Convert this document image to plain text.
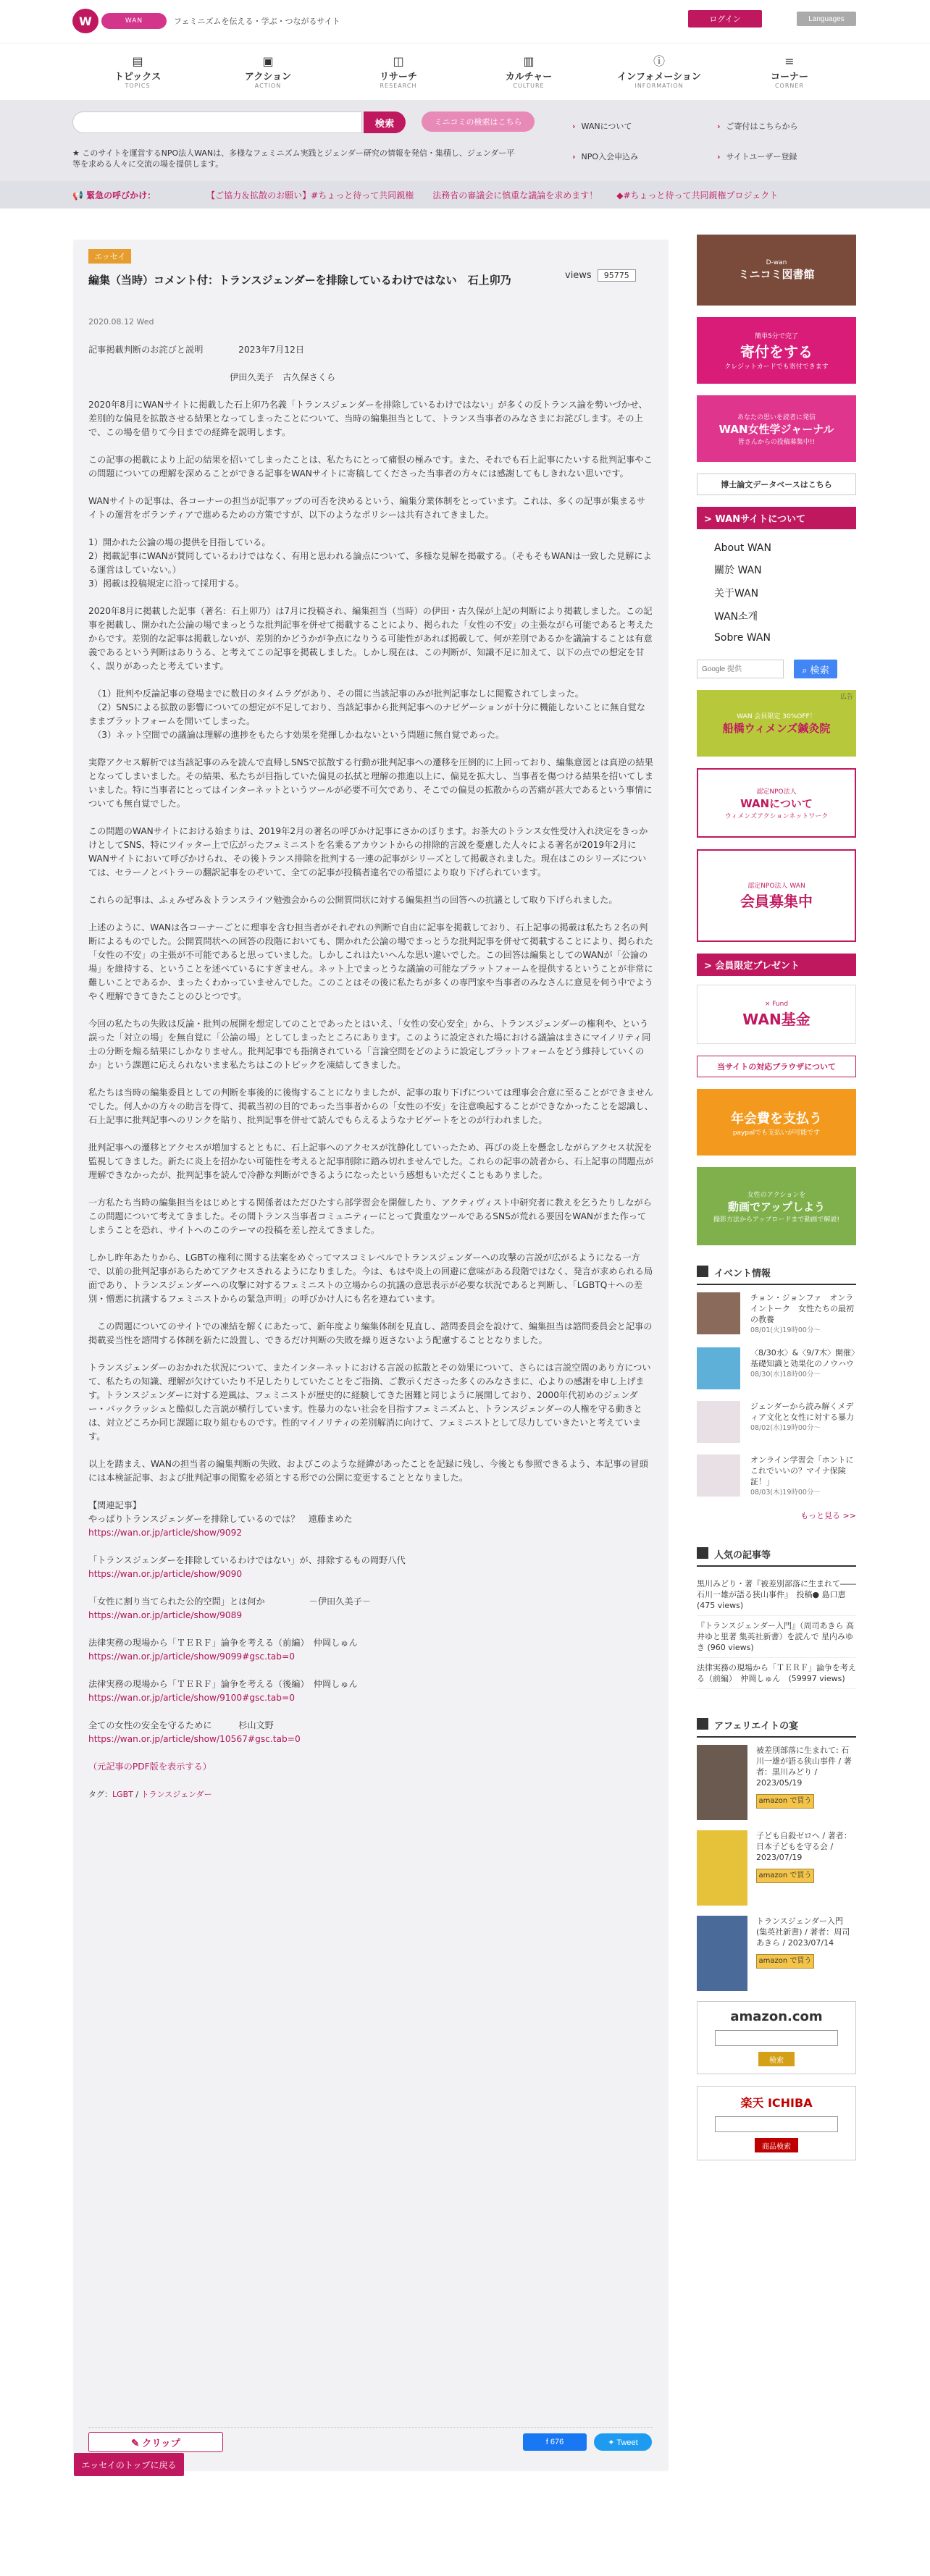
W	WAN	フェミニズムを伝える・学ぶ・つながるサイト	ログイン	Languages
▤
トピックス
TOPICS
▣
アクション
ACTION
◫
リサーチ
RESEARCH
▥
カルチャー
CULTURE
ⓘ
インフォメーション
INFORMATION
≡
コーナー
CORNER
検索	ミニコミの検索はこちら
★ このサイトを運営するNPO法人WANは、多様なフェミニズム実践とジェンダー研究の情報を発信・集積し、ジェンダー平等を求める人々に交流の場を提供します。
› WANについて	› ご寄付はこちらから
› NPO入会申込み	› サイトユーザー登録
📢 緊急の呼びかけ：	【ご協力＆拡散のお願い】#ちょっと待って共同親権 法務省の審議会に慎重な議論を求めます！ ◆#ちょっと待って共同親権プロジェクト
エッセイ
編集（当時）コメント付：トランスジェンダーを排除しているわけではない　石上卯乃	views 95775
2020.08.12 Wed

記事掲載判断のお詫びと説明　　　　2023年7月12日

　　　　　　　　　　　　　　　　伊田久美子　古久保さくら

2020年8月にWANサイトに掲載した石上卯乃名義「トランスジェンダーを排除しているわけではない」が多くの反トランス論を勢いづかせ、差別的な偏見を拡散させる結果となってしまったことについて、当時の編集担当として、トランス当事者のみなさまにお詫びします。その上で、この場を借りて今日までの経緯を説明します。

この記事の掲載により上記の結果を招いてしまったことは、私たちにとって痛恨の極みです。また、それでも石上記事にたいする批判記事やこの問題についての理解を深めることができる記事をWANサイトに寄稿してくださった当事者の方々には感謝してもしきれない思いです。

WANサイトの記事は、各コーナーの担当が記事アップの可否を決めるという、編集分業体制をとっています。これは、多くの記事が集まるサイトの運営をボランティアで進めるための方策ですが、以下のようなポリシーは共有されてきました。

1）開かれた公論の場の提供を目指している。
2）掲載記事にWANが賛同しているわけではなく、有用と思われる論点について、多様な見解を掲載する。（そもそもWANは一致した見解による運営はしていない。）
3）掲載は投稿規定に沿って採用する。

2020年8月に掲載した記事（著名：石上卯乃）は7月に投稿され、編集担当（当時）の伊田・古久保が上記の判断により掲載しました。この記事を掲載し、開かれた公論の場でまっとうな批判記事を併せて掲載することにより、掲られた「女性の不安」の主張ながら可能であると考えたからです。差別的な記事は掲載しないが、差別的かどうかが争点になりうる可能性があれば掲載して、何が差別であるかを議論することは有意義であるという判断はありうる、と考えてこの記事を掲載しました。しかし現在は、この判断が、知識不足に加えて、以下の点での想定を甘く、誤りがあったと考えています。

　（1）批判や反論記事の登場までに数日のタイムラグがあり、その間に当該記事のみが批判記事なしに閲覧されてしまった。
　（2）SNSによる拡散の影響についての想定が不足しており、当該記事から批判記事へのナビゲーションが十分に機能しないことに無自覚なままプラットフォームを開いてしまった。
　（3）ネット空間での議論は理解の進捗をもたらす効果を発揮しかねないという問題に無自覚であった。

実際アクセス解析では当該記事のみを読んで直帰しSNSで拡散する行動が批判記事への遷移を圧倒的に上回っており、編集意図とは真逆の結果となってしまいました。その結果、私たちが目指していた偏見の払拭と理解の推進以上に、偏見を拡大し、当事者を傷つける結果を招いてしまいました。特に当事者にとってはインターネットというツールが必要不可欠であり、そこでの偏見の拡散からの苦痛が甚大であるという事情についても無自覚でした。

この問題のWANサイトにおける始まりは、2019年2月の著名の呼びかけ記事にさかのぼります。お茶大のトランス女性受け入れ決定をきっかけとしてSNS、特にツイッター上で広がったフェミニストを名乗るアカウントからの排除的言説を憂慮した人々による著名が2019年2月にWANサイトにおいて呼びかけられ、その後トランス排除を批判する一連の記事がシリーズとして掲載されました。現在はこのシリーズについては、セラーノとバトラーの翻訳記事をのぞいて、全ての記事が投稿者違名での希望により取り下げられています。

これらの記事は、ふぇみぜみ＆トランスライツ勉強会からの公開質問状に対する編集担当の回答への抗議として取り下げられました。

上述のように、WANは各コーナーごとに理事を含む担当者がそれぞれの判断で自由に記事を掲載しており、石上記事の掲載は私たち２名の判断によるものでした。公開質問状への回答の段階においても、開かれた公論の場でまっとうな批判記事を併せて掲載することにより、掲られた「女性の不安」の主張が不可能であると思っていました。しかしこれはたいへんな思い違いでした。この回答は編集としてのWANが「公論の場」を維持する、ということを述べているにすぎません。ネット上でまっとうな議論の可能なプラットフォームを提供するということが非常に難しいことであるか、まったくわかっていませんでした。このことはその後に私たちが多くの専門家や当事者のみなさんに意見を伺う中でようやく理解できてきたことのひとつです。

今回の私たちの失敗は反論・批判の展開を想定してのことであったとはいえ、「女性の安心安全」から、トランスジェンダーの権利や、という誤った「対立の場」を無自覚に「公論の場」としてしまったところにあります。このように設定された場における議論はまさにマイノリティ同士の分断を煽る結果にしかなりません。批判記事でも指摘されている「言論空間をどのように設定しプラットフォームをどう維持していくのか」という課題に応えられないまま私たちはこのトピックを凍結してきました。

私たちは当時の編集委員としての判断を事後的に後悔することになりましたが、記事の取り下げについては理事会合意に至ることができませんでした。何人かの方々の助言を得て、掲載当初の目的であった当事者からの「女性の不安」を注意喚起することができなかったことを認識し、石上記事に批判記事へのリンクを貼り、批判記事を併せて読んでもらえるようなナビゲートをとのが行われました。

批判記事への遷移とアクセスが増加するとともに、石上記事へのアクセスが沈静化していったため、再びの炎上を懸念しながらアクセス状況を監視してきました。新たに炎上を招かない可能性を考えると記事削除に踏み切れませんでした。これらの記事の読者から、石上記事の問題点が理解できなかったが、批判記事を読んで冷静な判断ができるようになったという感想もいただくこともありました。

一方私たち当時の編集担当をはじめとする関係者はただひたすら部学習会を開催したり、アクティヴィスト中研究者に教えを乞うたりしながらこの問題について考えてきました。その間トランス当事者コミュニティーにとって貴重なツールであるSNSが荒れる要因をWANがまた作ってしまうことを恐れ、サイトへのこのテーマの投稿を差し控えてきました。

しかし昨年あたりから、LGBTの権利に関する法案をめぐってマスコミレベルでトランスジェンダーへの攻撃の言説が広がるようになる一方で、以前の批判記事があらためてアクセスされるようになりました。今は、もはや炎上の回避に意味がある段階ではなく、発言が求められる局面であり、トランスジェンダーへの攻撃に対するフェミニストの立場からの抗議の意思表示が必要な状況であると判断し、「LGBTQ＋への差別・憎悪に抗議するフェミニストからの緊急声明」の呼びかけ人にも名を連ねています。

　この問題についてのサイトでの凍結を解くにあたって、新年度より編集体制を見直し、諮問委員会を設けて、編集担当は諮問委員会と記事の掲載妥当性を諮問する体制を新たに設置し、できるだけ判断の失敗を繰り返さないよう配慮することとなりました。

トランスジェンダーのおかれた状況について、またインターネットにおける言説の拡散とその効果について、さらには言説空間のあり方について、私たちの知識、理解が欠けていたり不足したりしていたことをご指摘、ご教示くださった多くのみなさまに、心よりの感謝を申し上げます。トランスジェンダーに対する逆風は、フェミニストが歴史的に経験してきた困難と同じように展開しており、2000年代初めのジェンダー・バックラッシュと酷似した言説が横行しています。性暴力のない社会を目指すフェミニズムと、トランスジェンダーの人権を守る動きとは、対立どころか同じ課題に取り組むものです。性的マイノリティの差別解消に向けて、フェミニストとして尽力していきたいと考えています。

以上を踏まえ、WANの担当者の編集判断の失敗、およびこのような経緯があったことを記録に残し、今後とも参照できるよう、本記事の冒頭には本検証記事、および批判記事の閲覧を必須とする形での公開に変更することとなりました。

【関連記事】

やっぱりトランスジェンダーを排除しているのでは？　遠藤まめた
https://wan.or.jp/article/show/9092
「トランスジェンダーを排除しているわけではない」が、排除するもの岡野八代
https://wan.or.jp/article/show/9090
「女性に割り当てられた公的空間」とは何か　　　　　－伊田久美子－
https://wan.or.jp/article/show/9089
法律実務の現場から「ＴＥＲＦ」論争を考える（前編）　仲岡しゅん
https://wan.or.jp/article/show/9099#gsc.tab=0
法律実務の現場から「ＴＥＲＦ」論争を考える（後編）　仲岡しゅん
https://wan.or.jp/article/show/9100#gsc.tab=0
全ての女性の安全を守るために　　　杉山文野
https://wan.or.jp/article/show/10567#gsc.tab=0
（元記事のPDF版を表示する）
タグ：LGBT / トランスジェンダー
✎ クリップ	f 676	✦ Tweet
エッセイのトップに戻る
D-wan
ミニコミ図書館
簡単5分で完了
寄付をする
クレジットカードでも寄付できます
あなたの思いを読者に発信
WAN女性学ジャーナル
皆さんからの投稿募集中!!
博士論文データベースはこちら
> WANサイトについて
About WAN
關於 WAN
关于WAN
WAN소개
Sobre WAN
Google 提供
⌕ 検索
広告
WAN 会員限定 30%OFF！
船橋ウィメンズ鍼灸院
認定NPO法人
WANについて
ウィメンズアクションネットワーク
認定NPO法人 WAN
会員募集中
> 会員限定プレゼント
× Fund
WAN基金
当サイトの対応ブラウザについて
年会費を支払う
paypalでも支払いが可能です
女性のアクションを
動画でアップしよう
撮影方法からアップロードまで動画で解説!
イベント情報
チョン・ジョンファ　オンライントーク　女性たちの最初の教養
08/01(火)19時00分～
〈8/30水〉&〈9/7木〉開催〉基礎知識と効果化のノウハウ
08/30(水)18時00分～
ジェンダーから読み解くメディア文化と女性に対する暴力
08/02(水)19時00分～
オンライン学習会「ホントにこれでいいの？マイナ保険証！」
08/03(木)19時00分～
もっと見る >>
人気の記事等
黒川みどり・著『被差別部落に生まれて――石川一雄が語る狭山事件』　投稿● 島口恵　　　　(475 views)
『トランスジェンダー入門』（周司あきら 高井ゆと里著 集英社新書）を読んで 星内みゆき (960 views)
法律実務の現場から「ＴＥＲＦ」論争を考える（前編）　仲岡しゅん　(59997 views)
アフェリエイトの宴
被差別部落に生まれて: 石川一雄が語る狭山事件 / 著者：黒川みどり / 2023/05/19
amazon で買う
子ども自殺ゼロへ / 著者：日本子どもを守る会 / 2023/07/19
amazon で買う
トランスジェンダー入門 (集英社新書) / 著者：周司あきら / 2023/07/14
amazon で買う
amazon.com
検索
楽天 ICHIBA
商品検索
